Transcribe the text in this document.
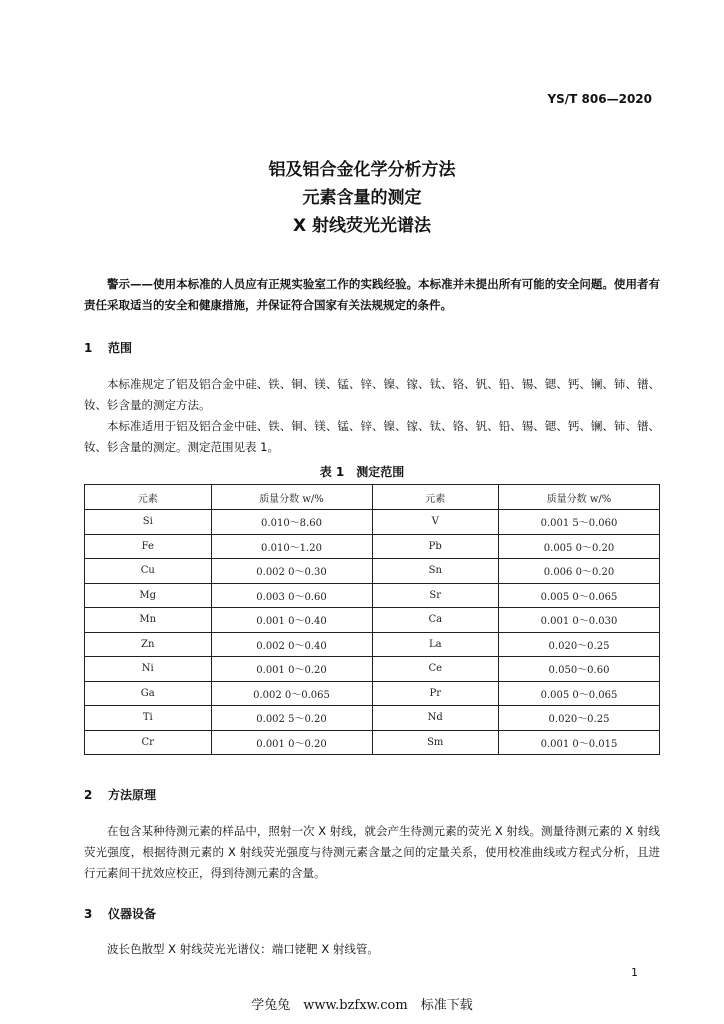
YS/T 806—2020
铝及铝合金化学分析方法
元素含量的测定
X 射线荧光光谱法
警示——使用本标准的人员应有正规实验室工作的实践经验。本标准并未提出所有可能的安全问题。使用者有责任采取适当的安全和健康措施，并保证符合国家有关法规规定的条件。
1 范围
本标准规定了铝及铝合金中硅、铁、铜、镁、锰、锌、镍、镓、钛、铬、钒、铅、锡、锶、钙、镧、铈、镨、钕、钐含量的测定方法。
本标准适用于铝及铝合金中硅、铁、铜、镁、锰、锌、镍、镓、钛、铬、钒、铅、锡、锶、钙、镧、铈、镨、钕、钐含量的测定。测定范围见表 1。
表 1　测定范围
元素	质量分数 w/%	元素	质量分数 w/%
Si	0.010～8.60	V	0.001 5～0.060
Fe	0.010～1.20	Pb	0.005 0～0.20
Cu	0.002 0～0.30	Sn	0.006 0～0.20
Mg	0.003 0～0.60	Sr	0.005 0～0.065
Mn	0.001 0～0.40	Ca	0.001 0～0.030
Zn	0.002 0～0.40	La	0.020～0.25
Ni	0.001 0～0.20	Ce	0.050～0.60
Ga	0.002 0～0.065	Pr	0.005 0～0.065
Ti	0.002 5～0.20	Nd	0.020～0.25
Cr	0.001 0～0.20	Sm	0.001 0～0.015
2 方法原理
在包含某种待测元素的样品中，照射一次 X 射线，就会产生待测元素的荧光 X 射线。测量待测元素的 X 射线荧光强度，根据待测元素的 X 射线荧光强度与待测元素含量之间的定量关系，使用校准曲线或方程式分析，且进行元素间干扰效应校正，得到待测元素的含量。
3 仪器设备
波长色散型 X 射线荧光光谱仪：端口铑靶 X 射线管。
1
学兔兔　www.bzfxw.com　标准下载
